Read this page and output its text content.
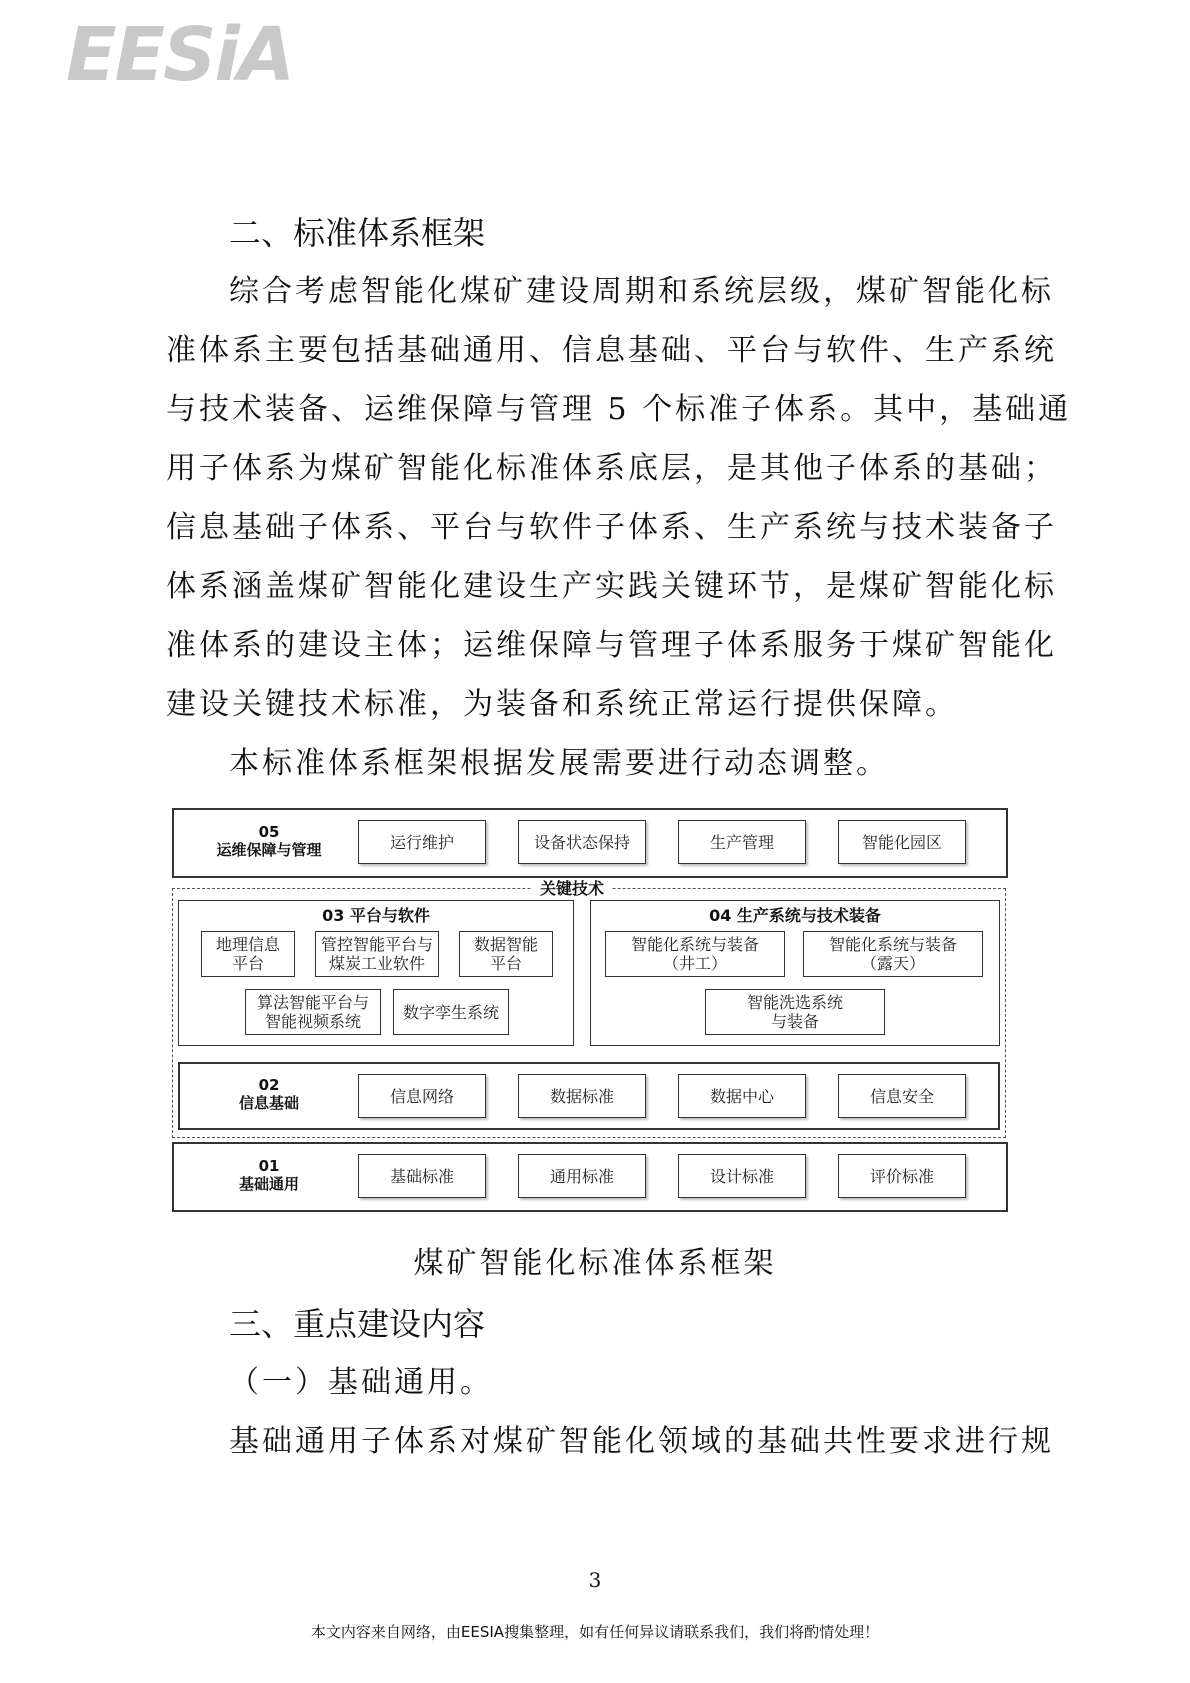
EESiA
二、标准体系框架
综合考虑智能化煤矿建设周期和系统层级，煤矿智能化标
准体系主要包括基础通用、信息基础、平台与软件、生产系统
与技术装备、运维保障与管理 5 个标准子体系。其中，基础通
用子体系为煤矿智能化标准体系底层，是其他子体系的基础；
信息基础子体系、平台与软件子体系、生产系统与技术装备子
体系涵盖煤矿智能化建设生产实践关键环节，是煤矿智能化标
准体系的建设主体；运维保障与管理子体系服务于煤矿智能化
建设关键技术标准，为装备和系统正常运行提供保障。
本标准体系框架根据发展需要进行动态调整。
05
运维保障与管理	运行维护	设备状态保持	生产管理	智能化园区
关键技术
03 平台与软件
地理信息
平台
管控智能平台与
煤炭工业软件
数据智能
平台
算法智能平台与
智能视频系统	数字孪生系统
04 生产系统与技术装备
智能化系统与装备
（井工）
智能化系统与装备
（露天）
智能洗选系统
与装备
02
信息基础	信息网络	数据标准	数据中心	信息安全
01
基础通用	基础标准	通用标准	设计标准	评价标准
煤矿智能化标准体系框架
三、重点建设内容
（一）基础通用。
基础通用子体系对煤矿智能化领域的基础共性要求进行规
3
本文内容来自网络，由EESIA搜集整理，如有任何异议请联系我们，我们将酌情处理！
